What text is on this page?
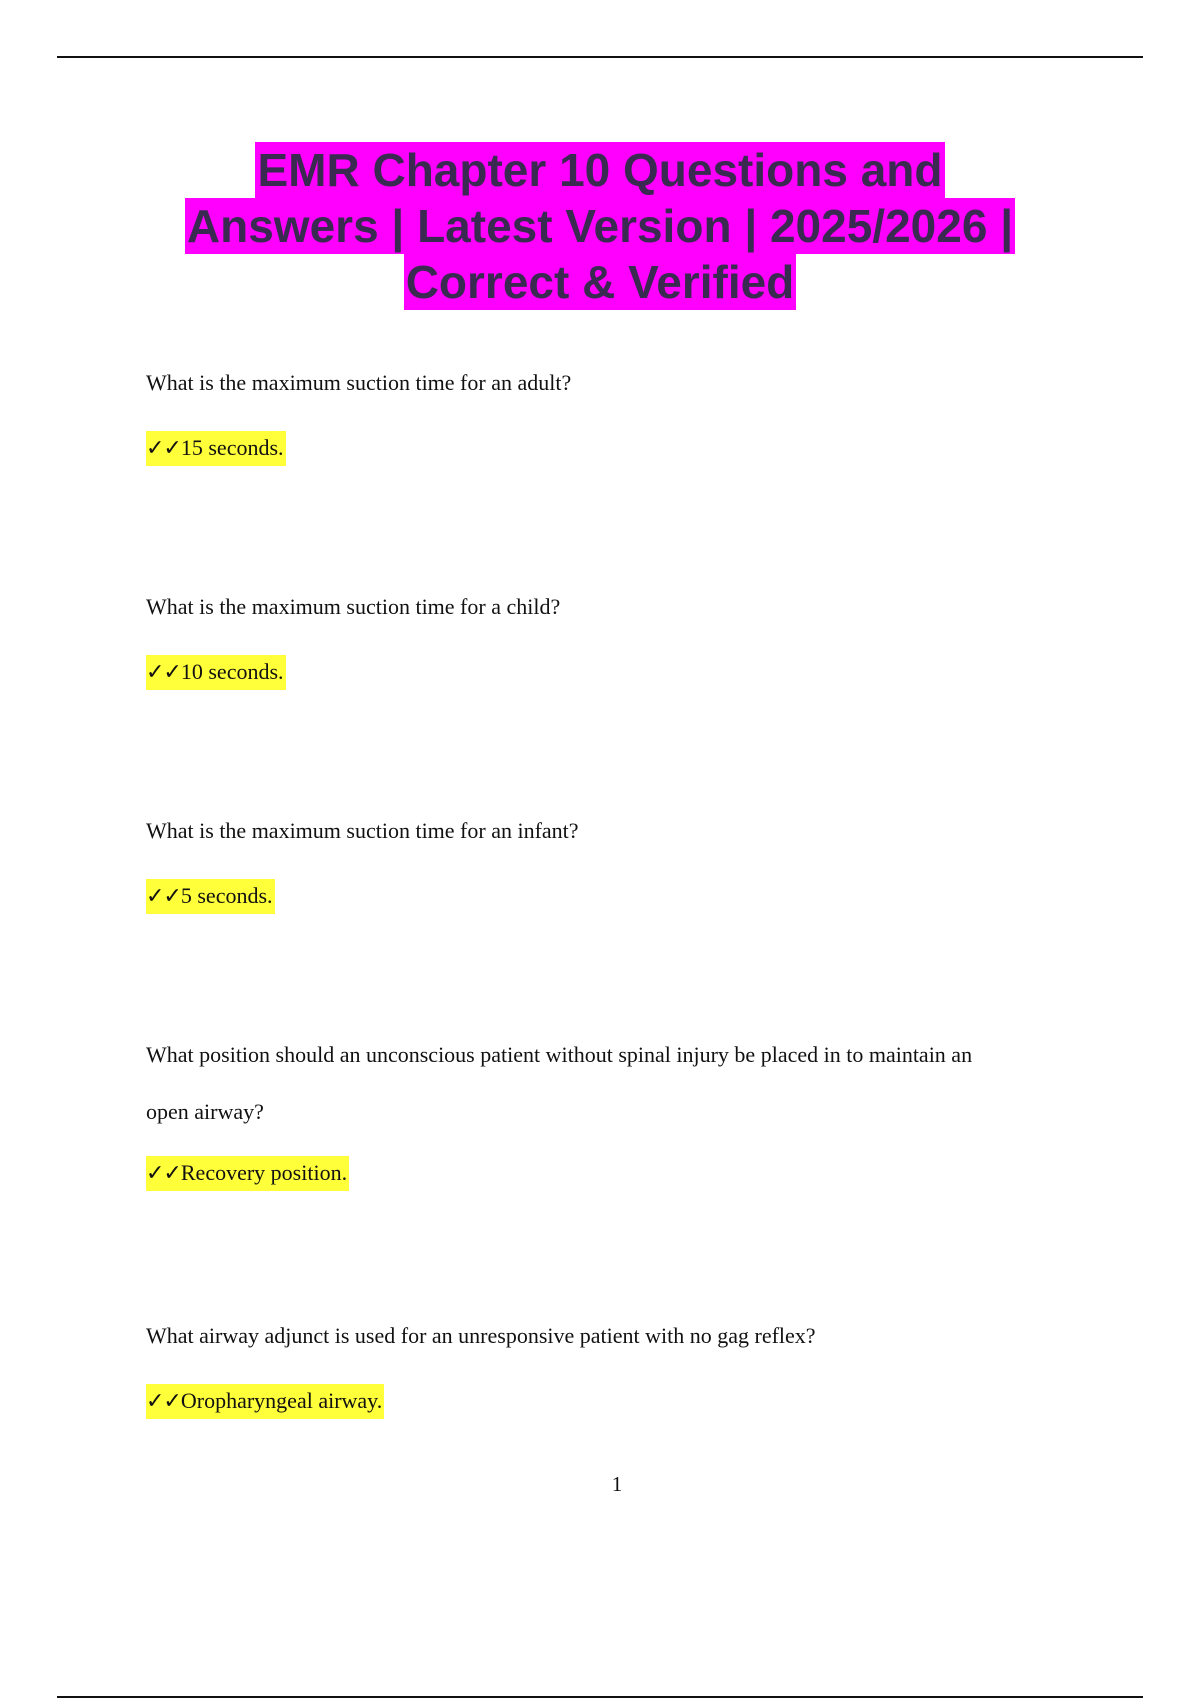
EMR Chapter 10 Questions and
Answers | Latest Version | 2025/2026 |
Correct & Verified

What is the maximum suction time for an adult?

✓✓15 seconds.

What is the maximum suction time for a child?

✓✓10 seconds.

What is the maximum suction time for an infant?

✓✓5 seconds.

What position should an unconscious patient without spinal injury be placed in to maintain an

open airway?

✓✓Recovery position.

What airway adjunct is used for an unresponsive patient with no gag reflex?

✓✓Oropharyngeal airway.

1
